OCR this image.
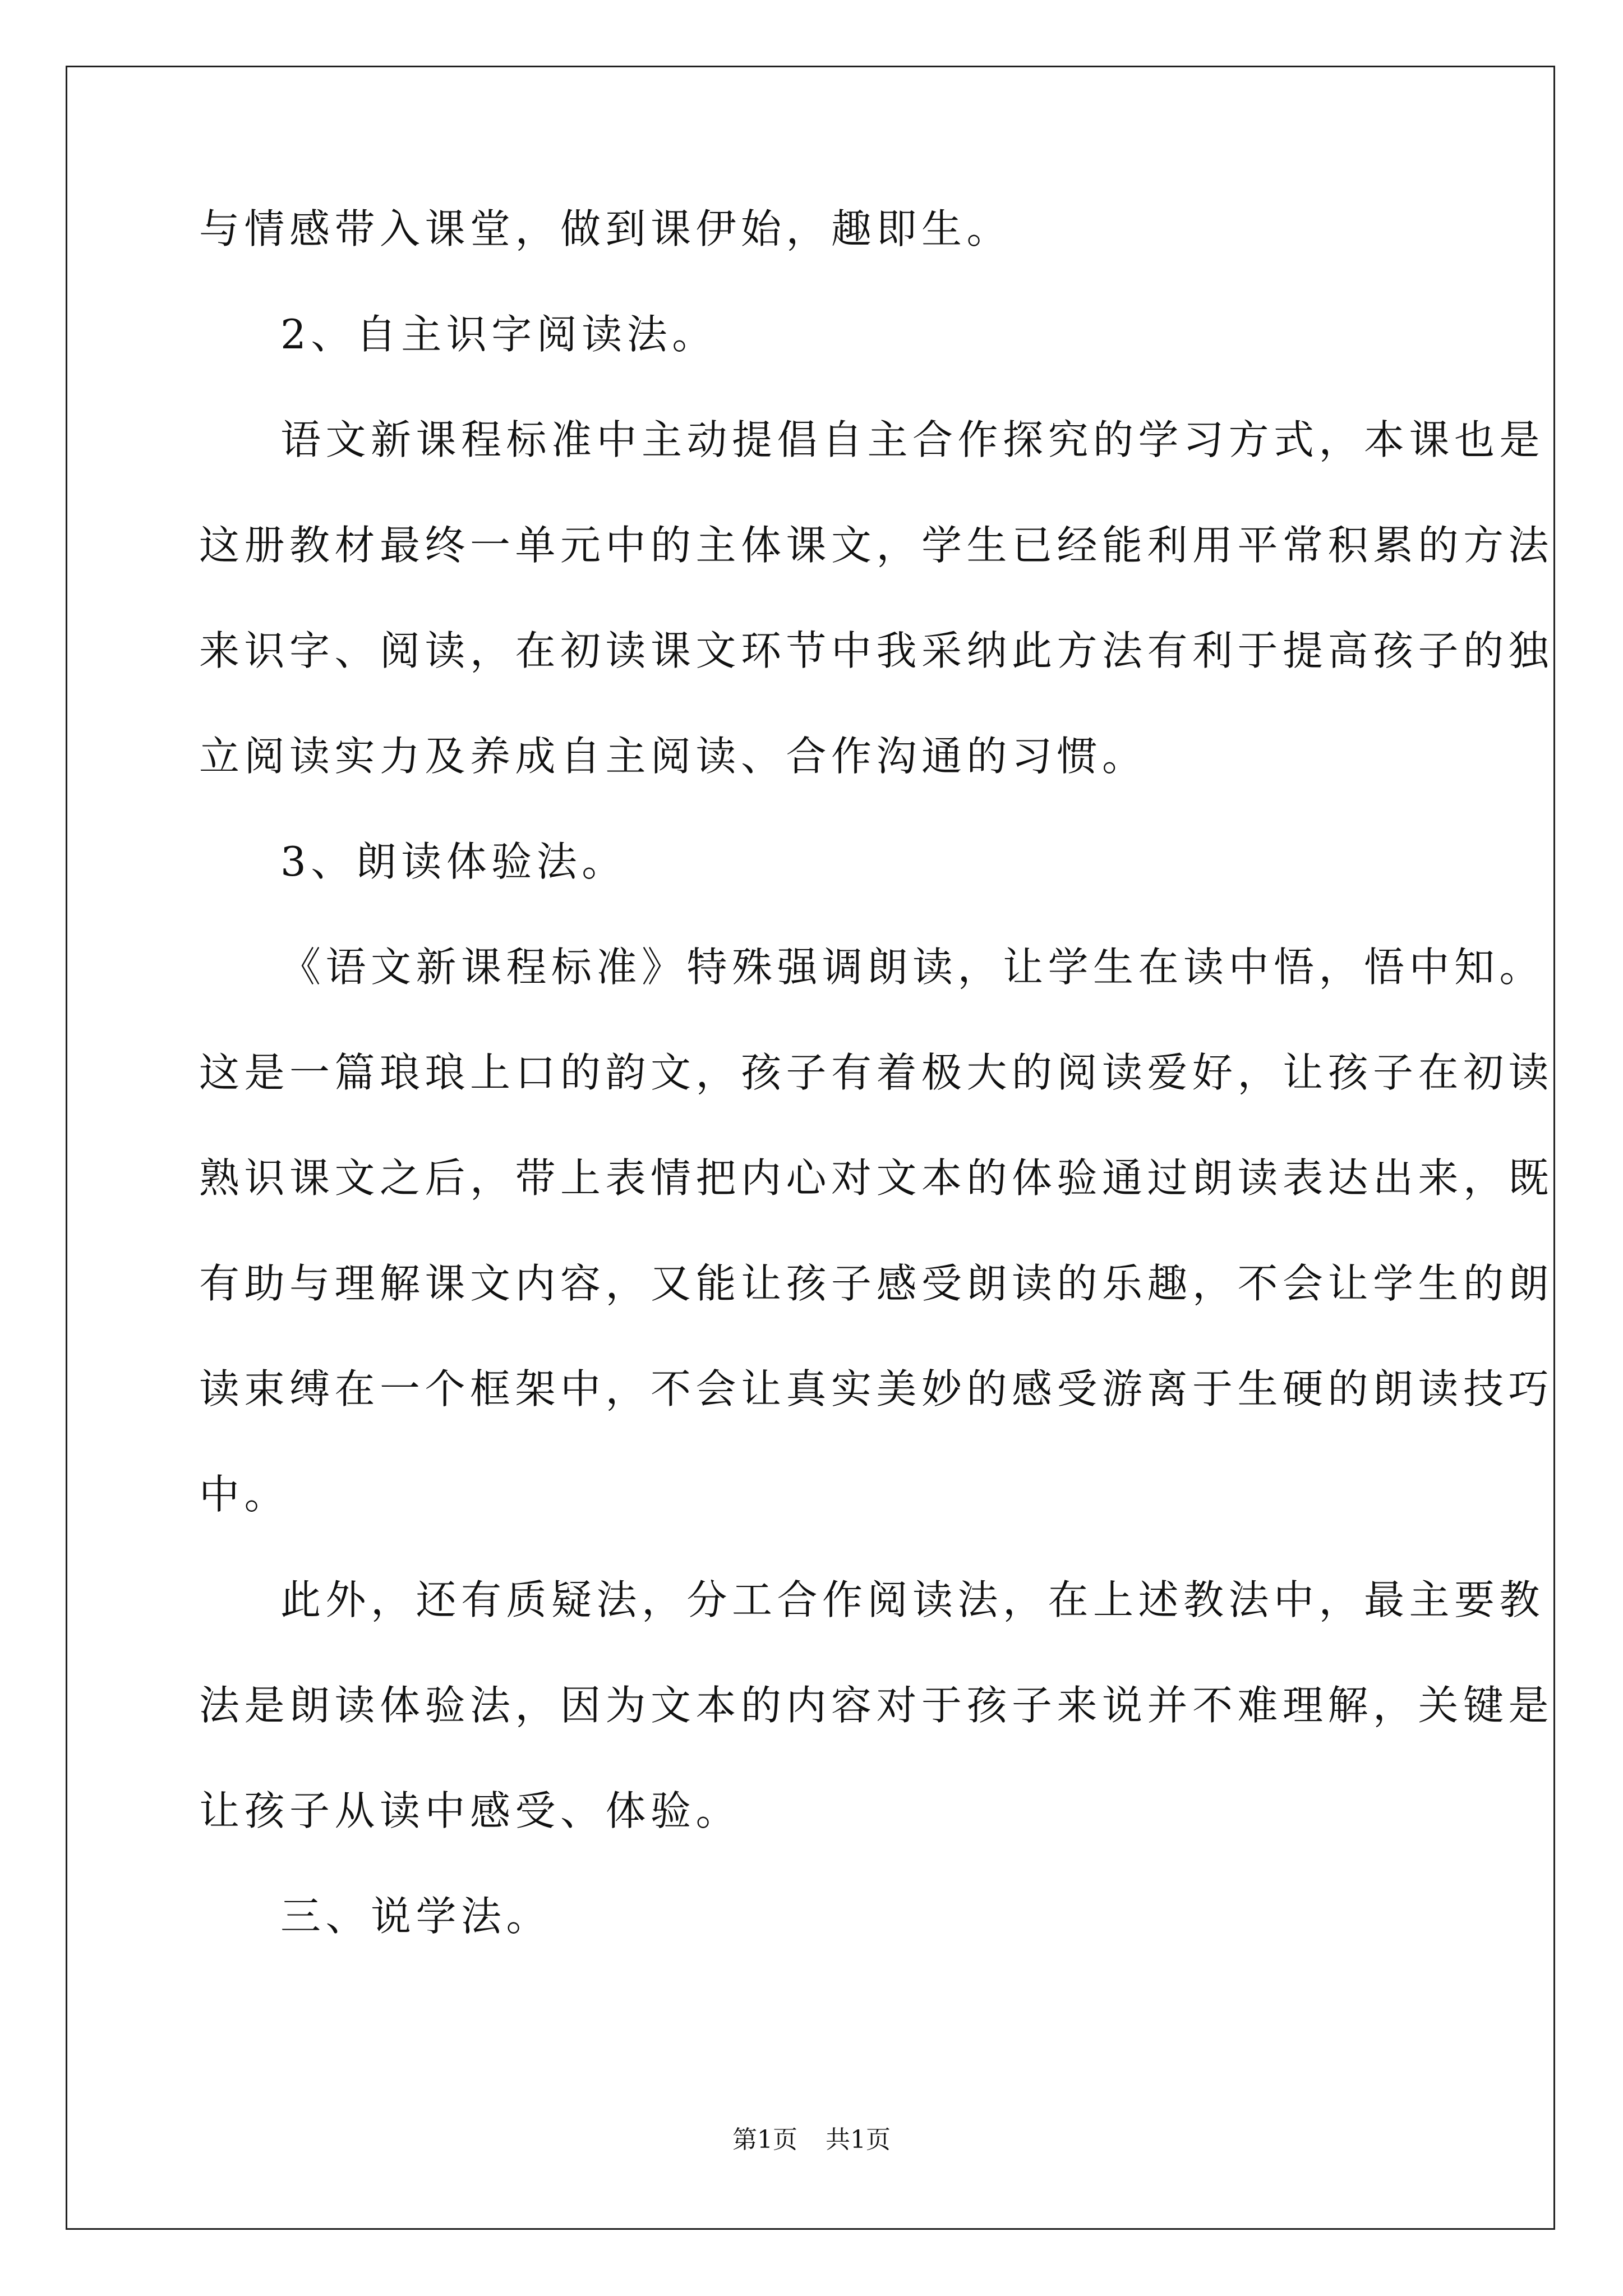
与情感带入课堂，做到课伊始，趣即生。
2、自主识字阅读法。
语文新课程标准中主动提倡自主合作探究的学习方式，本课也是
这册教材最终一单元中的主体课文，学生已经能利用平常积累的方法
来识字、阅读，在初读课文环节中我采纳此方法有利于提高孩子的独
立阅读实力及养成自主阅读、合作沟通的习惯。
3、朗读体验法。
《语文新课程标准》特殊强调朗读，让学生在读中悟，悟中知。
这是一篇琅琅上口的韵文，孩子有着极大的阅读爱好，让孩子在初读
熟识课文之后，带上表情把内心对文本的体验通过朗读表达出来，既
有助与理解课文内容，又能让孩子感受朗读的乐趣，不会让学生的朗
读束缚在一个框架中，不会让真实美妙的感受游离于生硬的朗读技巧
中。
此外，还有质疑法，分工合作阅读法，在上述教法中，最主要教
法是朗读体验法，因为文本的内容对于孩子来说并不难理解，关键是
让孩子从读中感受、体验。
三、说学法。
第1页 共1页
